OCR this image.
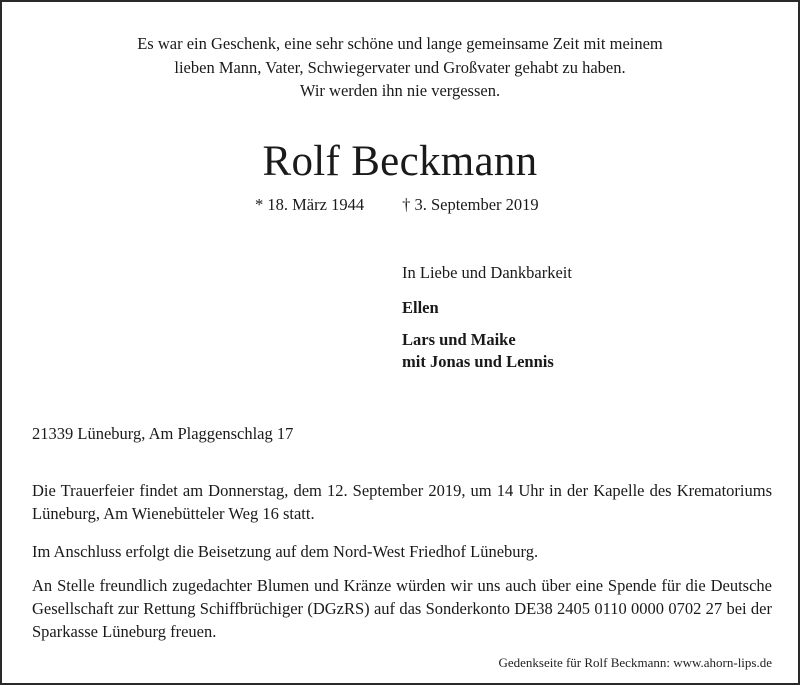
Es war ein Geschenk, eine sehr schöne und lange gemeinsame Zeit mit meinem
lieben Mann, Vater, Schwiegervater und Großvater gehabt zu haben.
Wir werden ihn nie vergessen.
Rolf Beckmann
* 18. März 1944 † 3. September 2019
In Liebe und Dankbarkeit
Ellen
Lars und Maike
mit Jonas und Lennis
21339 Lüneburg, Am Plaggenschlag 17
Die Trauerfeier findet am Donnerstag, dem 12. September 2019, um 14 Uhr in der Kapelle des Krematoriums Lüneburg, Am Wienebütteler Weg 16 statt.
Im Anschluss erfolgt die Beisetzung auf dem Nord-West Friedhof Lüneburg.
An Stelle freundlich zugedachter Blumen und Kränze würden wir uns auch über eine Spende für die Deutsche Gesellschaft zur Rettung Schiffbrüchiger (DGzRS) auf das Sonderkonto DE38 2405 0110 0000 0702 27 bei der Sparkasse Lüneburg freuen.
Gedenkseite für Rolf Beckmann: www.ahorn-lips.de
